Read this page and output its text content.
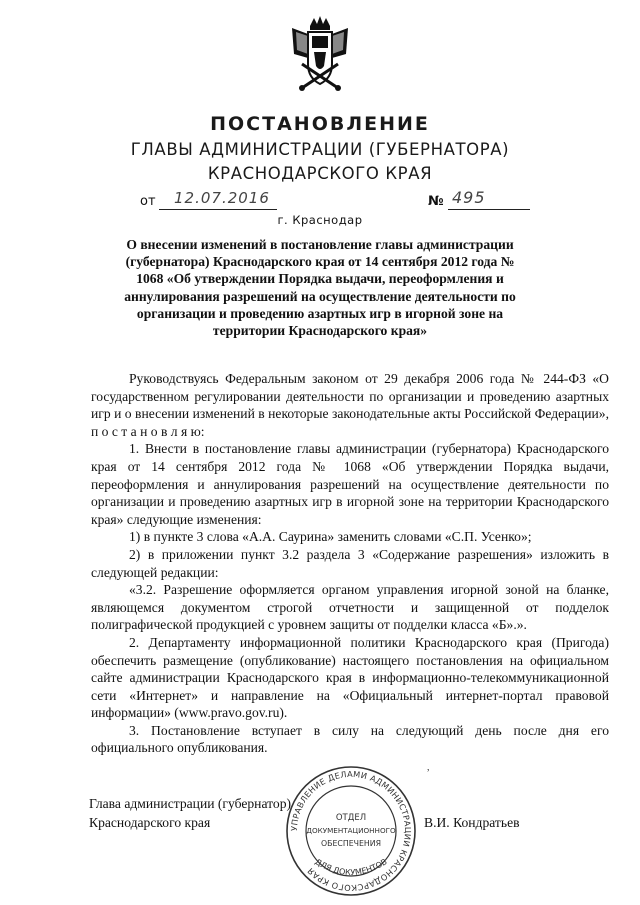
ПОСТАНОВЛЕНИЕ
ГЛАВЫ АДМИНИСТРАЦИИ (ГУБЕРНАТОРА)
КРАСНОДАРСКОГО КРАЯ
от 12.07.2016	№ 495
г. Краснодар
О внесении изменений в постановление главы администрации (губернатора) Краснодарского края от 14 сентября 2012 года № 1068 «Об утверждении Порядка выдачи, переоформления и аннулирования разрешений на осуществление деятельности по организации и проведению азартных игр в игорной зоне на территории Краснодарского края»

Руководствуясь Федеральным законом от 29 декабря 2006 года № 244-ФЗ «О государственном регулировании деятельности по организации и проведению азартных игр и о внесении изменений в некоторые законодательные акты Российской Федерации», п о с т а н о в л я ю:

1. Внести в постановление главы администрации (губернатора) Краснодарского края от 14 сентября 2012 года № 1068 «Об утверждении Порядка выдачи, переоформления и аннулирования разрешений на осуществление деятельности по организации и проведению азартных игр в игорной зоне на территории Краснодарского края» следующие изменения:

1) в пункте 3 слова «А.А. Саурина» заменить словами «С.П. Усенко»;

2) в приложении пункт 3.2 раздела 3 «Содержание разрешения» изложить в следующей редакции:

«3.2. Разрешение оформляется органом управления игорной зоной на бланке, являющемся документом строгой отчетности и защищенной от подделок полиграфической продукцией с уровнем защиты от подделки класса «Б».».

2. Департаменту информационной политики Краснодарского края (Пригода) обеспечить размещение (опубликование) настоящего постановления на официальном сайте администрации Краснодарского края в информационно-телекоммуникационной сети «Интернет» и направление на «Официальный интернет-портал правовой информации» (www.pravo.gov.ru).

3. Постановление вступает в силу на следующий день после дня его официального опубликования.

,
Глава администрации (губернатор)
Краснодарского края	В.И. Кондратьев
УПРАВЛЕНИЕ ДЕЛАМИ АДМИНИСТРАЦИИ КРАСНОДАРСКОГО КРАЯ
ДЛЯ ДОКУМЕНТОВ
ОТДЕЛ
ДОКУМЕНТАЦИОННОГО
ОБЕСПЕЧЕНИЯ
